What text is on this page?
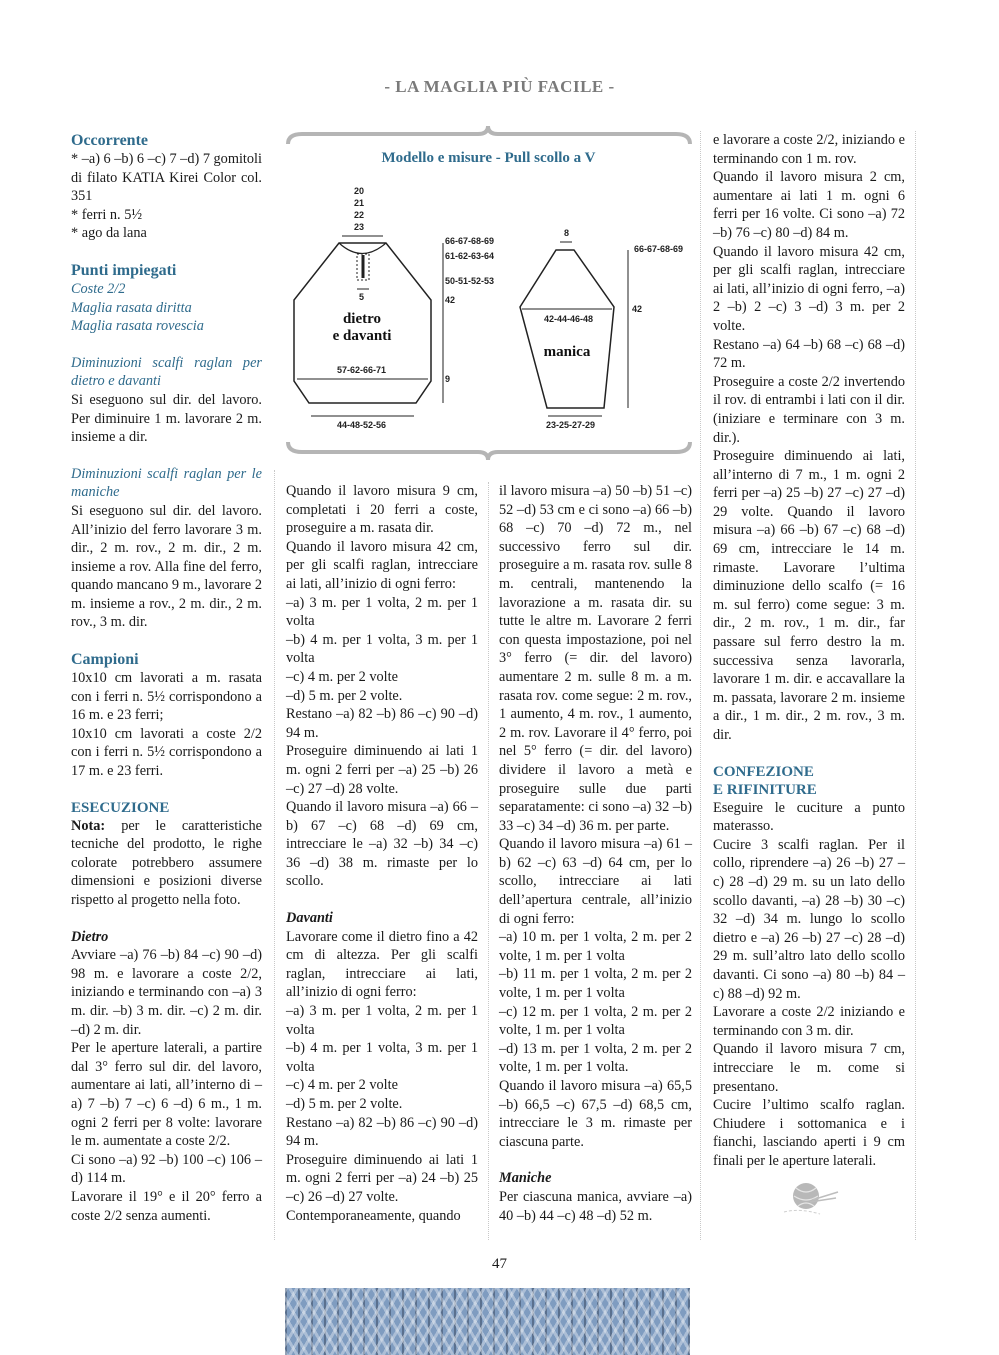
- LA MAGLIA PIÙ FACILE -

Occorrente

* –a) 6 –b) 6 –c) 7 –d) 7 gomitoli di filato KATIA Kirei Color col. 351

* ferri n. 5½

* ago da lana

Punti impiegati

Coste 2/2

Maglia rasata diritta

Maglia rasata rovescia

Diminuzioni scalfi raglan per dietro e davanti

Si eseguono sul dir. del lavoro. Per diminuire 1 m. lavorare 2 m. insieme a dir.

Diminuzioni scalfi raglan per le maniche

Si eseguono sul dir. del lavoro. All’inizio del ferro lavorare 3 m. dir., 2 m. rov., 2 m. dir., 2 m. insieme a rov. Alla fine del ferro, quando mancano 9 m., lavorare 2 m. insieme a rov., 2 m. dir., 2 m. rov., 3 m. dir.

Campioni

10x10 cm lavorati a m. rasata con i ferri n. 5½ corrispondono a 16 m. e 23 ferri;

10x10 cm lavorati a coste 2/2 con i ferri n. 5½ corrispondono a 17 m. e 23 ferri.

ESECUZIONE

Nota: per le caratteristiche tecniche del prodotto, le righe colorate potrebbero assumere dimensioni e posizioni diverse rispetto al progetto nella foto.

Dietro

Avviare –a) 76 –b) 84 –c) 90 –d) 98 m. e lavorare a coste 2/2, iniziando e terminando con –a) 3 m. dir. –b) 3 m. dir. –c) 2 m. dir. –d) 2 m. dir.

Per le aperture laterali, a partire dal 3° ferro sul dir. del lavoro, aumentare ai lati, all’interno di –a) 7 –b) 7 –c) 6 –d) 6 m., 1 m. ogni 2 ferri per 8 volte: lavorare le m. aumentate a coste 2/2.

Ci sono –a) 92 –b) 100 –c) 106 –d) 114 m.

Lavorare il 19° e il 20° ferro a coste 2/2 senza aumenti.

Modello e misure - Pull scollo a V
20
21
22
23
5
66-67-68-69
61-62-63-64
50-51-52-53
42
9
57-62-66-71
44-48-52-56
dietro
e davanti
8
66-67-68-69
42
42-44-46-48
23-25-27-29
manica

Quando il lavoro misura 9 cm, completati i 20 ferri a coste, proseguire a m. rasata dir.

Quando il lavoro misura 42 cm, per gli scalfi raglan, intrecciare ai lati, all’inizio di ogni ferro:

–a) 3 m. per 1 volta, 2 m. per 1 volta

–b) 4 m. per 1 volta, 3 m. per 1 volta

–c) 4 m. per 2 volte

–d) 5 m. per 2 volte.

Restano –a) 82 –b) 86 –c) 90 –d) 94 m.

Proseguire diminuendo ai lati 1 m. ogni 2 ferri per –a) 25 –b) 26 –c) 27 –d) 28 volte.

Quando il lavoro misura –a) 66 –b) 67 –c) 68 –d) 69 cm, intrecciare le –a) 32 –b) 34 –c) 36 –d) 38 m. rimaste per lo scollo.

Davanti

Lavorare come il dietro fino a 42 cm di altezza. Per gli scalfi raglan, intrecciare ai lati, all’inizio di ogni ferro:

–a) 3 m. per 1 volta, 2 m. per 1 volta

–b) 4 m. per 1 volta, 3 m. per 1 volta

–c) 4 m. per 2 volte

–d) 5 m. per 2 volte.

Restano –a) 82 –b) 86 –c) 90 –d) 94 m.

Proseguire diminuendo ai lati 1 m. ogni 2 ferri per –a) 24 –b) 25 –c) 26 –d) 27 volte.

Contemporaneamente, quando

il lavoro misura –a) 50 –b) 51 –c) 52 –d) 53 cm e ci sono –a) 66 –b) 68 –c) 70 –d) 72 m., nel successivo ferro sul dir. proseguire a m. rasata rov. sulle 8 m. centrali, mantenendo la lavorazione a m. rasata dir. su tutte le altre m. Lavorare 2 ferri con questa impostazione, poi nel 3° ferro (= dir. del lavoro) aumentare 2 m. sulle 8 m. a m. rasata rov. come segue: 2 m. rov., 1 aumento, 4 m. rov., 1 aumento, 2 m. rov. Lavorare il 4° ferro, poi nel 5° ferro (= dir. del lavoro) dividere il lavoro a metà e proseguire sulle due parti separatamente: ci sono –a) 32 –b) 33 –c) 34 –d) 36 m. per parte.

Quando il lavoro misura –a) 61 –b) 62 –c) 63 –d) 64 cm, per lo scollo, intrecciare ai lati dell’apertura centrale, all’inizio di ogni ferro:

–a) 10 m. per 1 volta, 2 m. per 2 volte, 1 m. per 1 volta

–b) 11 m. per 1 volta, 2 m. per 2 volte, 1 m. per 1 volta

–c) 12 m. per 1 volta, 2 m. per 2 volte, 1 m. per 1 volta

–d) 13 m. per 1 volta, 2 m. per 2 volte, 1 m. per 1 volta.

Quando il lavoro misura –a) 65,5 –b) 66,5 –c) 67,5 –d) 68,5 cm, intrecciare le 3 m. rimaste per ciascuna parte.

Maniche

Per ciascuna manica, avviare –a) 40 –b) 44 –c) 48 –d) 52 m.

e lavorare a coste 2/2, iniziando e terminando con 1 m. rov.

Quando il lavoro misura 2 cm, aumentare ai lati 1 m. ogni 6 ferri per 16 volte. Ci sono –a) 72 –b) 76 –c) 80 –d) 84 m.

Quando il lavoro misura 42 cm, per gli scalfi raglan, intrecciare ai lati, all’inizio di ogni ferro, –a) 2 –b) 2 –c) 3 –d) 3 m. per 2 volte.

Restano –a) 64 –b) 68 –c) 68 –d) 72 m.

Proseguire a coste 2/2 invertendo il rov. di entrambi i lati con il dir. (iniziare e terminare con 3 m. dir.).

Proseguire diminuendo ai lati, all’interno di 7 m., 1 m. ogni 2 ferri per –a) 25 –b) 27 –c) 27 –d) 29 volte. Quando il lavoro misura –a) 66 –b) 67 –c) 68 –d) 69 cm, intrecciare le 14 m. rimaste. Lavorare l’ultima diminuzione dello scalfo (= 16 m. sul ferro) come segue: 3 m. dir., 2 m. rov., 1 m. dir., far passare sul ferro destro la m. successiva senza lavorarla, lavorare 1 m. dir. e accavallare la m. passata, lavorare 2 m. insieme a dir., 1 m. dir., 2 m. rov., 3 m. dir.

CONFEZIONE

E RIFINITURE

Eseguire le cuciture a punto materasso.

Cucire 3 scalfi raglan. Per il collo, riprendere –a) 26 –b) 27 –c) 28 –d) 29 m. su un lato dello scollo davanti, –a) 28 –b) 30 –c) 32 –d) 34 m. lungo lo scollo dietro e –a) 26 –b) 27 –c) 28 –d) 29 m. sull’altro lato dello scollo davanti. Ci sono –a) 80 –b) 84 –c) 88 –d) 92 m.

Lavorare a coste 2/2 iniziando e terminando con 3 m. dir.

Quando il lavoro misura 7 cm, intrecciare le m. come si presentano.

Cucire l’ultimo scalfo raglan. Chiudere i sottomanica e i fianchi, lasciando aperti i 9 cm finali per le aperture laterali.

47
